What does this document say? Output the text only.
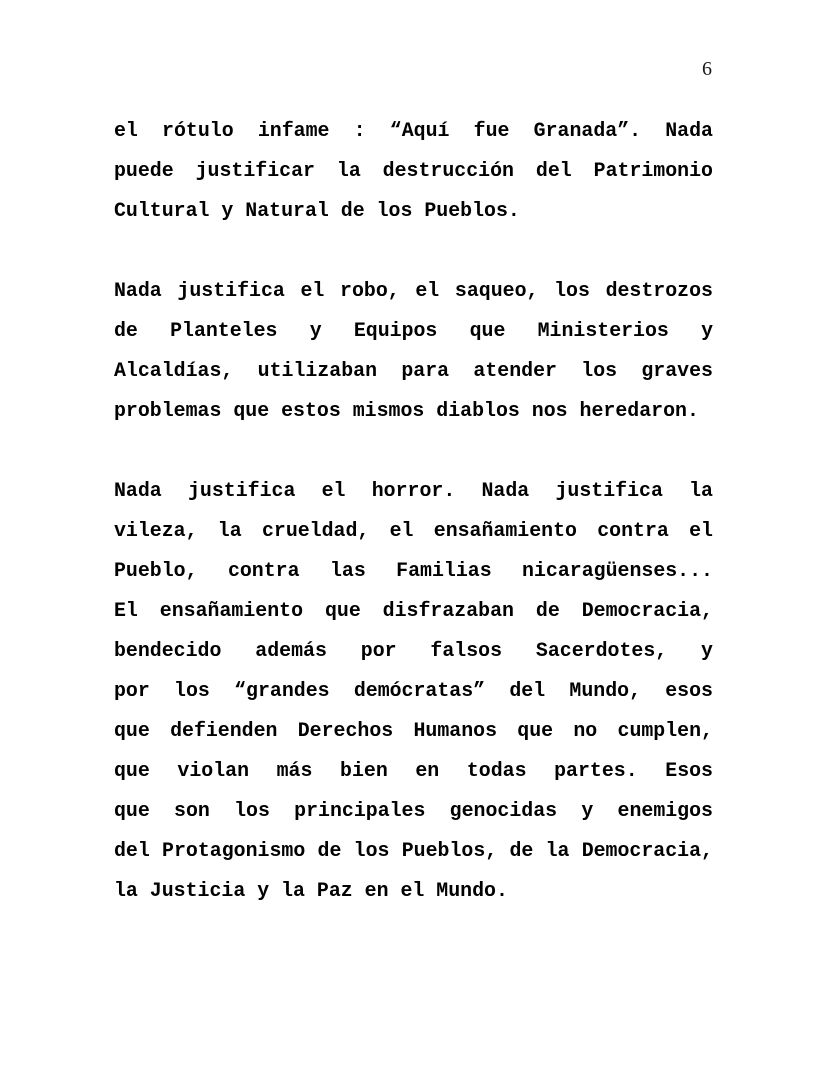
6
el rótulo infame : “Aquí fue Granada”. Nada
puede justificar la destrucción del Patrimonio
Cultural y Natural de los Pueblos.
Nada justifica el robo, el saqueo, los destrozos
de Planteles y Equipos que Ministerios y
Alcaldías, utilizaban para atender los graves
problemas que estos mismos diablos nos heredaron.
Nada justifica el horror. Nada justifica la
vileza, la crueldad, el ensañamiento contra el
Pueblo, contra las Familias nicaragüenses...
El ensañamiento que disfrazaban de Democracia,
bendecido además por falsos Sacerdotes, y
por los “grandes demócratas” del Mundo, esos
que defienden Derechos Humanos que no cumplen,
que violan más bien en todas partes. Esos
que son los principales genocidas y enemigos
del Protagonismo de los Pueblos, de la Democracia,
la Justicia y la Paz en el Mundo.
